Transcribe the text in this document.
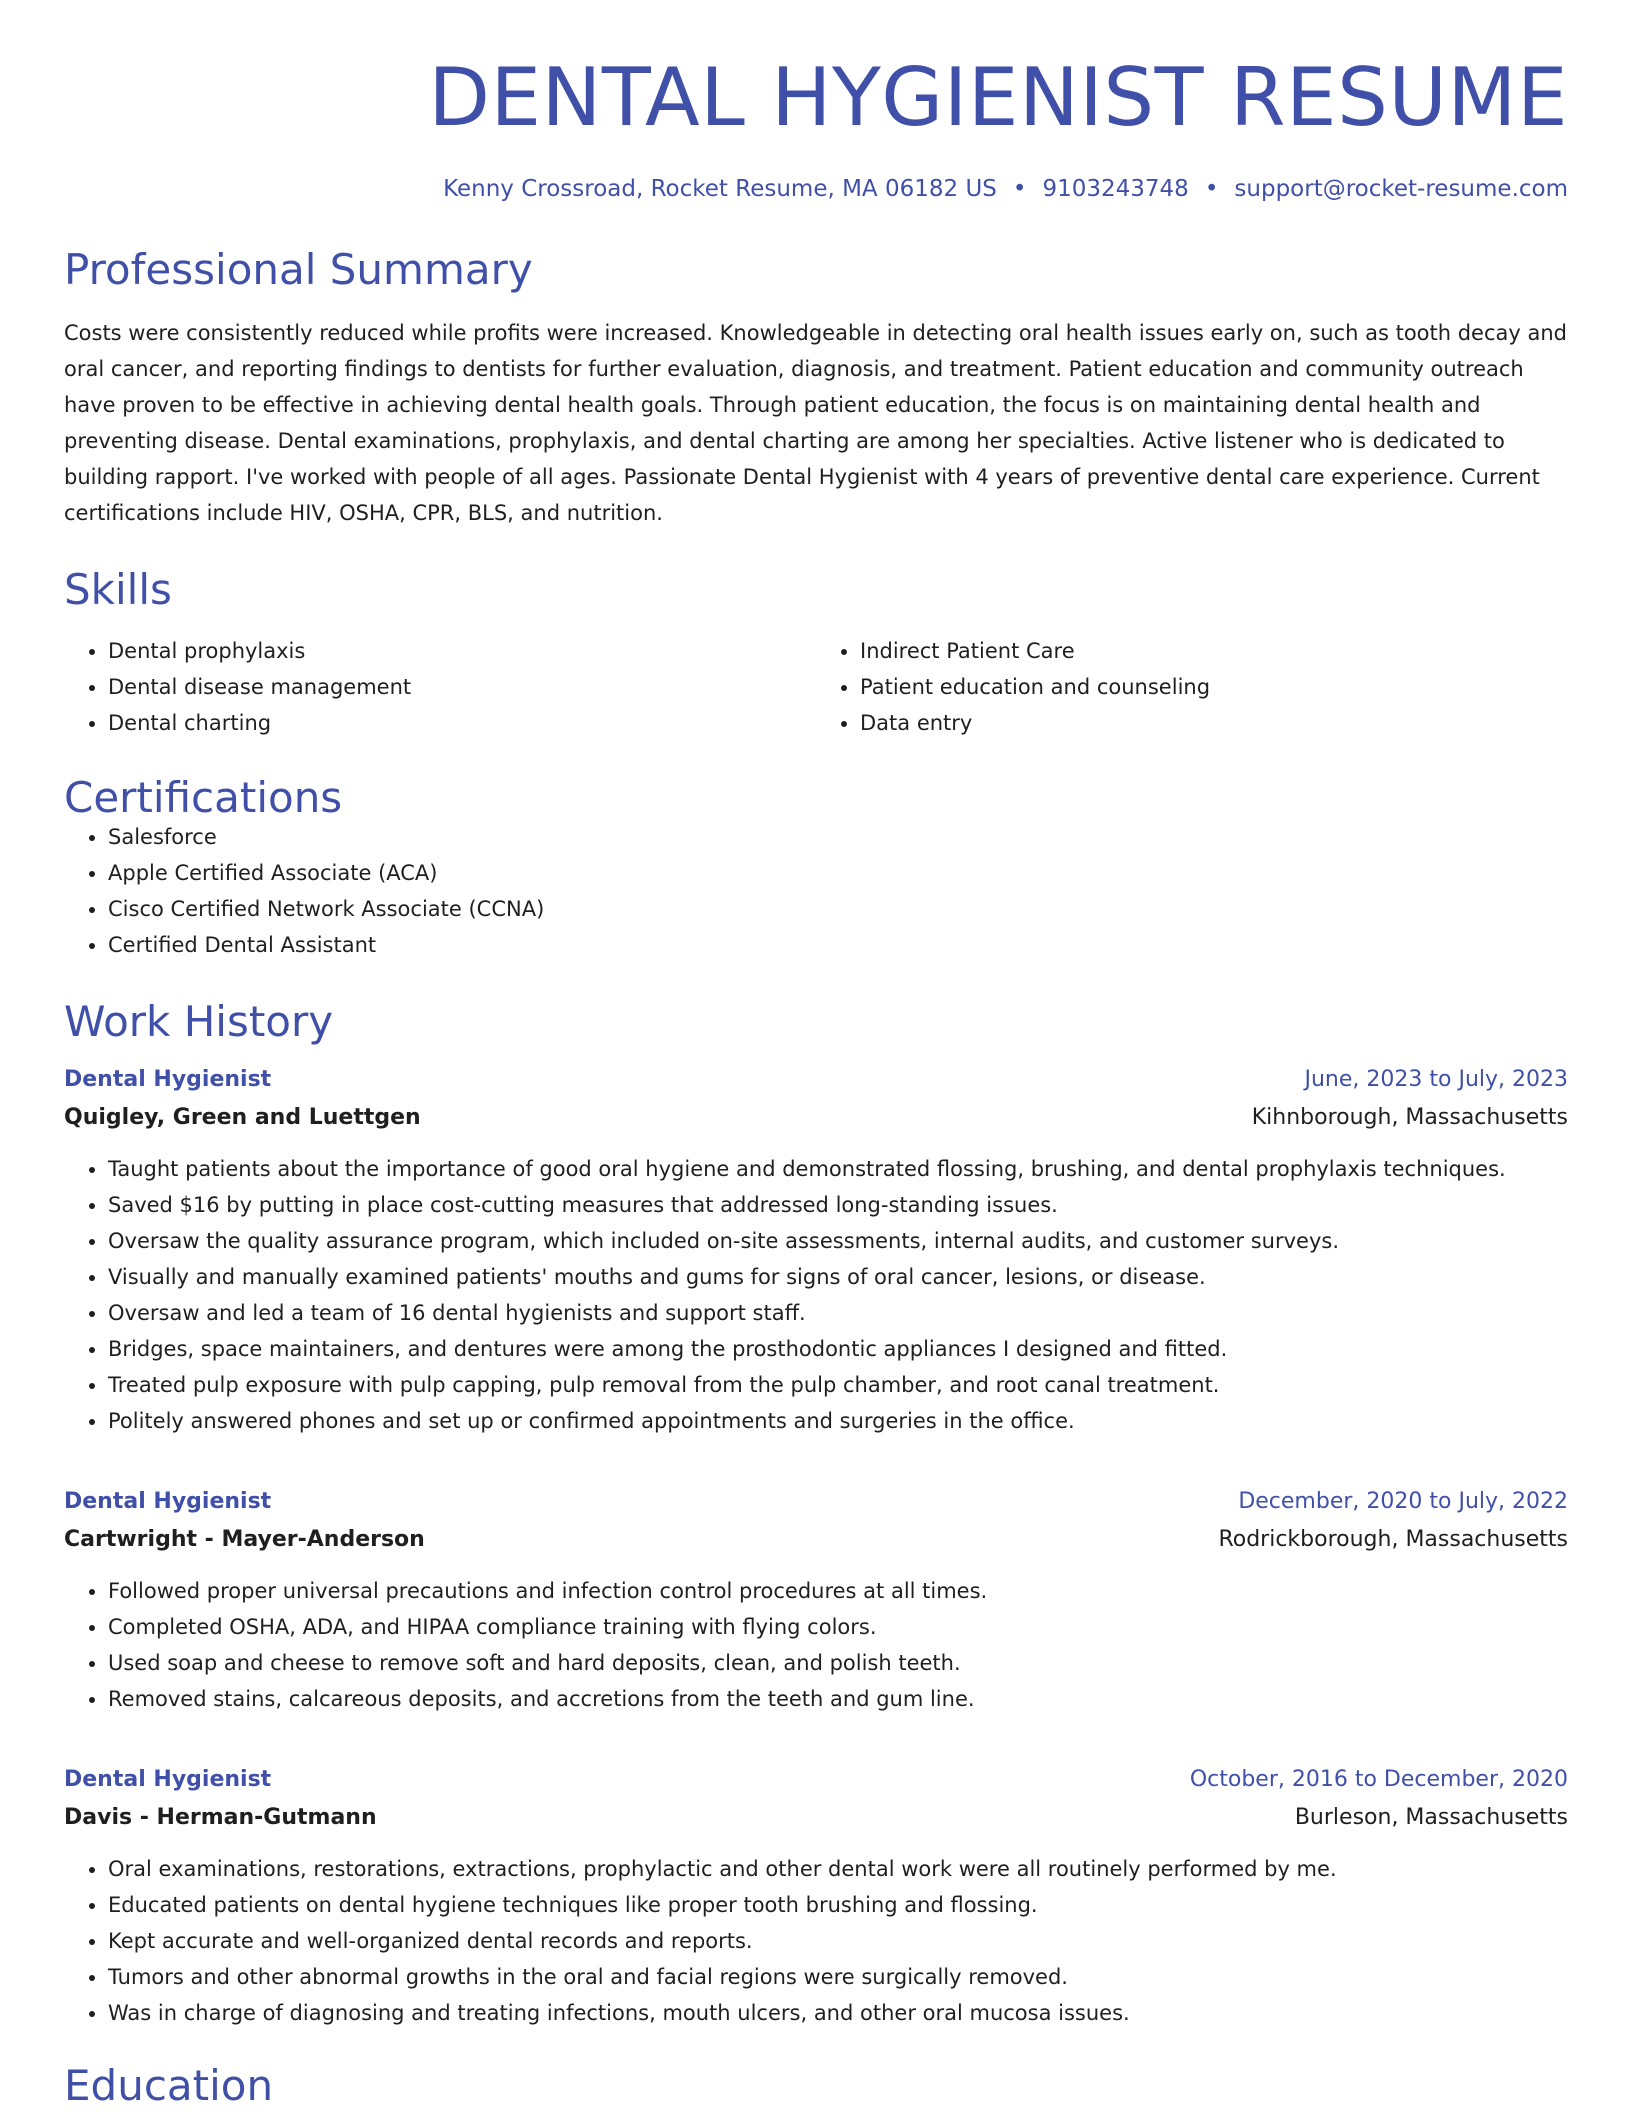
DENTAL HYGIENIST RESUME
Kenny Crossroad, Rocket Resume, MA 06182 US • 9103243748 • support@rocket-resume.com
Professional Summary

Costs were consistently reduced while profits were increased. Knowledgeable in detecting oral health issues early on, such as tooth decay and oral cancer, and reporting findings to dentists for further evaluation, diagnosis, and treatment. Patient education and community outreach have proven to be effective in achieving dental health goals. Through patient education, the focus is on maintaining dental health and preventing disease. Dental examinations, prophylaxis, and dental charting are among her specialties. Active listener who is dedicated to building rapport. I've worked with people of all ages. Passionate Dental Hygienist with 4 years of preventive dental care experience. Current certifications include HIV, OSHA, CPR, BLS, and nutrition.

Skills
• Dental prophylaxis
• Dental disease management
• Dental charting
• Indirect Patient Care
• Patient education and counseling
• Data entry
Certifications
• Salesforce
• Apple Certified Associate (ACA)
• Cisco Certified Network Associate (CCNA)
• Certified Dental Assistant
Work History
Dental Hygienist	June, 2023 to July, 2023
Quigley, Green and Luettgen	Kihnborough, Massachusetts
• Taught patients about the importance of good oral hygiene and demonstrated flossing, brushing, and dental prophylaxis techniques.
• Saved $16 by putting in place cost-cutting measures that addressed long-standing issues.
• Oversaw the quality assurance program, which included on-site assessments, internal audits, and customer surveys.
• Visually and manually examined patients' mouths and gums for signs of oral cancer, lesions, or disease.
• Oversaw and led a team of 16 dental hygienists and support staff.
• Bridges, space maintainers, and dentures were among the prosthodontic appliances I designed and fitted.
• Treated pulp exposure with pulp capping, pulp removal from the pulp chamber, and root canal treatment.
• Politely answered phones and set up or confirmed appointments and surgeries in the office.
Dental Hygienist	December, 2020 to July, 2022
Cartwright - Mayer-Anderson	Rodrickborough, Massachusetts
• Followed proper universal precautions and infection control procedures at all times.
• Completed OSHA, ADA, and HIPAA compliance training with flying colors.
• Used soap and cheese to remove soft and hard deposits, clean, and polish teeth.
• Removed stains, calcareous deposits, and accretions from the teeth and gum line.
Dental Hygienist	October, 2016 to December, 2020
Davis - Herman-Gutmann	Burleson, Massachusetts
• Oral examinations, restorations, extractions, prophylactic and other dental work were all routinely performed by me.
• Educated patients on dental hygiene techniques like proper tooth brushing and flossing.
• Kept accurate and well-organized dental records and reports.
• Tumors and other abnormal growths in the oral and facial regions were surgically removed.
• Was in charge of diagnosing and treating infections, mouth ulcers, and other oral mucosa issues.
Education
